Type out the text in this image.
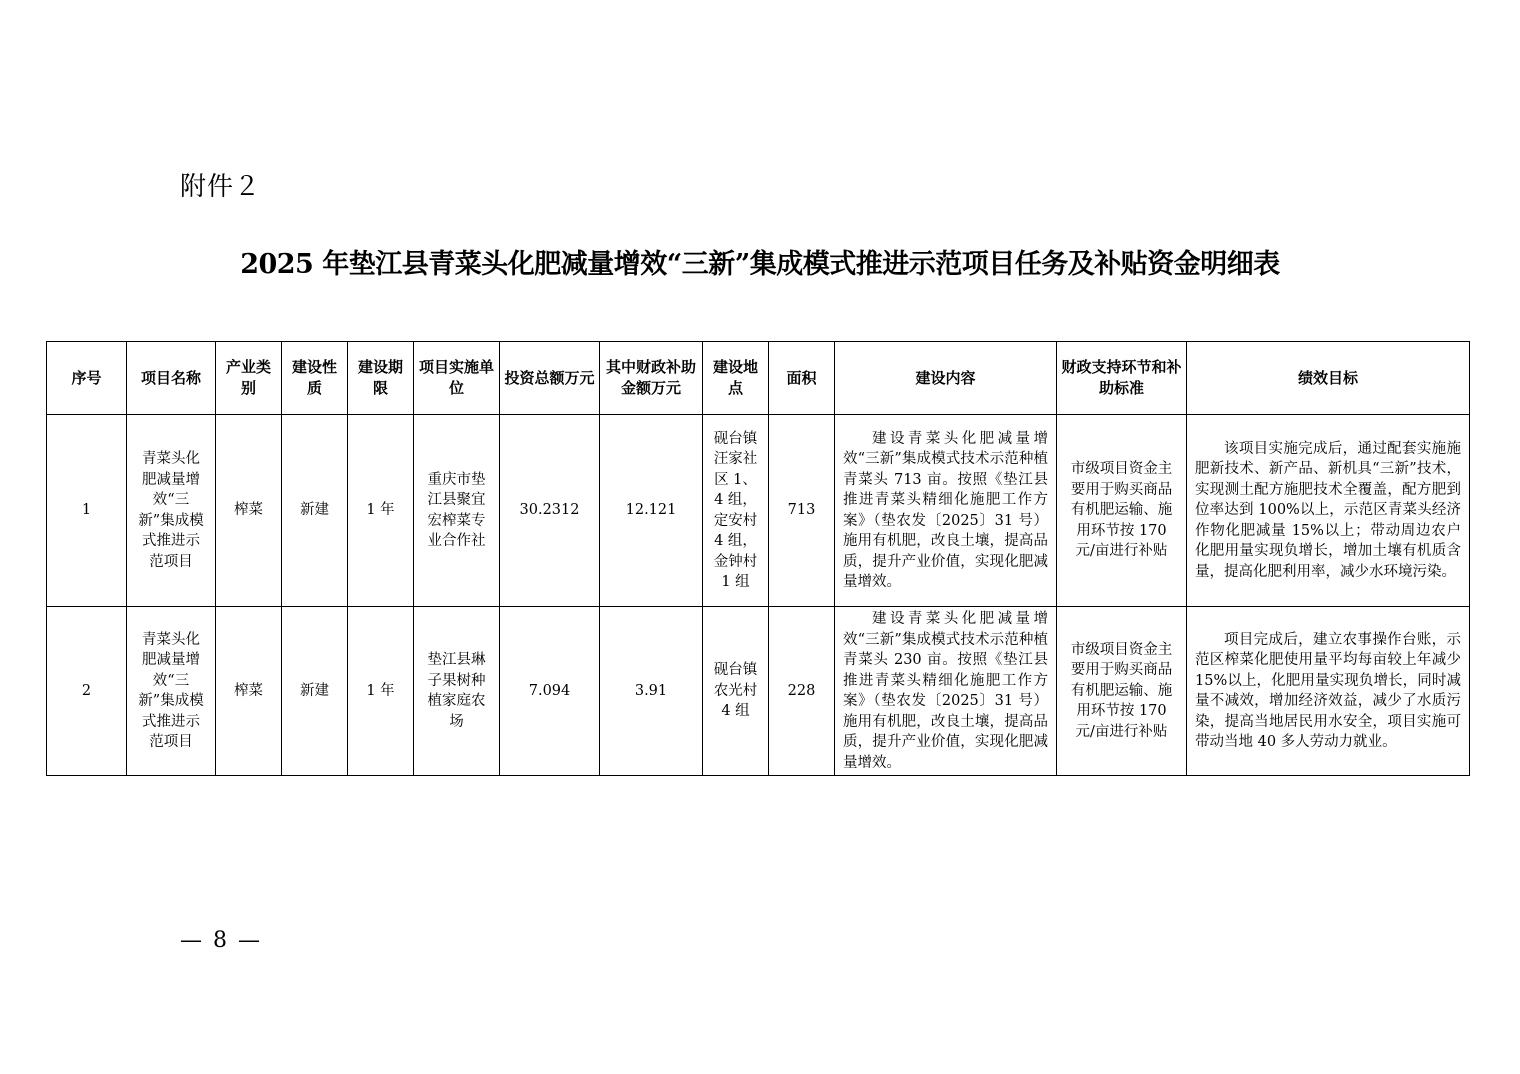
附件２
2025 年垫江县青菜头化肥减量增效“三新”集成模式推进示范项目任务及补贴资金明细表
序号	项目名称	产业类别	建设性质	建设期限	项目实施单位	投资总额万元	其中财政补助金额万元	建设地点	面积	建设内容	财政支持环节和补助标准	绩效目标
1	青菜头化肥减量增效“三新”集成模式推进示范项目	榨菜	新建	1 年	重庆市垫江县聚宜宏榨菜专业合作社	30.2312	12.121	砚台镇汪家社区 1、4 组，定安村 4 组，金钟村 1 组	713	建设青菜头化肥减量增效“三新”集成模式技术示范种植青菜头 713 亩。按照《垫江县推进青菜头精细化施肥工作方案》（垫农发〔2025〕31 号）施用有机肥，改良土壤，提高品质，提升产业价值，实现化肥减量增效。	市级项目资金主要用于购买商品有机肥运输、施用环节按 170 元/亩进行补贴	该项目实施完成后，通过配套实施施肥新技术、新产品、新机具“三新”技术，实现测土配方施肥技术全覆盖，配方肥到位率达到 100%以上，示范区青菜头经济作物化肥减量 15%以上；带动周边农户化肥用量实现负增长，增加土壤有机质含量，提高化肥利用率，减少水环境污染。
2	青菜头化肥减量增效“三新”集成模式推进示范项目	榨菜	新建	1 年	垫江县琳子果树种植家庭农场	7.094	3.91	砚台镇农光村 4 组	228	建设青菜头化肥减量增效“三新”集成模式技术示范种植青菜头 230 亩。按照《垫江县推进青菜头精细化施肥工作方案》（垫农发〔2025〕31 号）施用有机肥，改良土壤，提高品质，提升产业价值，实现化肥减量增效。	市级项目资金主要用于购买商品有机肥运输、施用环节按 170 元/亩进行补贴	项目完成后，建立农事操作台账，示范区榨菜化肥使用量平均每亩较上年减少 15%以上，化肥用量实现负增长，同时减量不减效，增加经济效益，减少了水质污染，提高当地居民用水安全，项目实施可带动当地 40 多人劳动力就业。
— 8 —
